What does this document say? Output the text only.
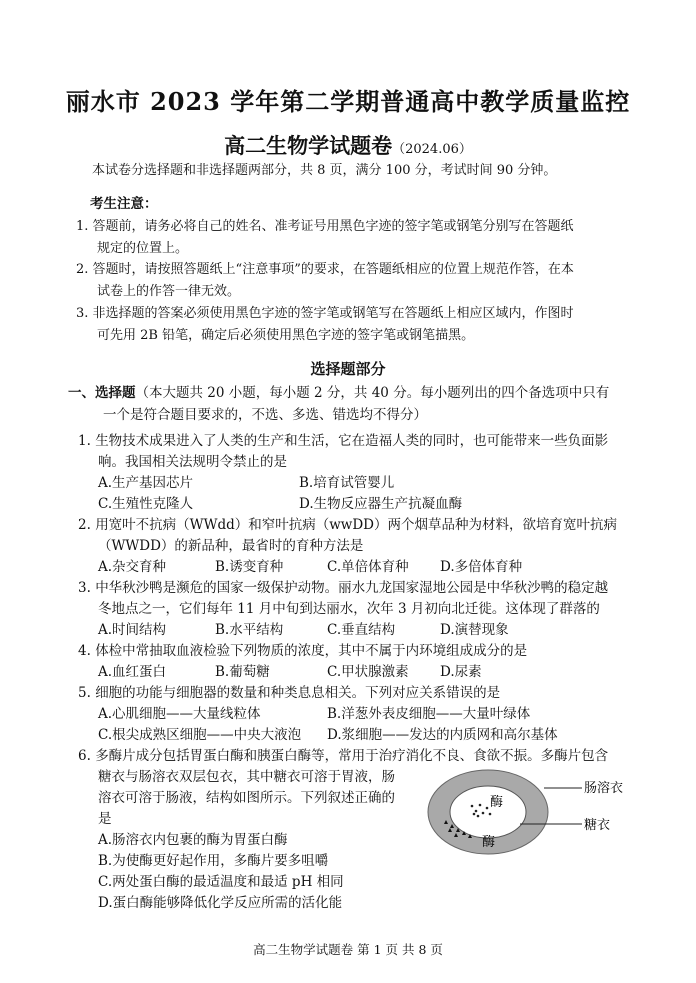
丽水市 2023 学年第二学期普通高中教学质量监控
高二生物学试题卷（2024.06）
本试卷分选择题和非选择题两部分，共 8 页，满分 100 分，考试时间 90 分钟。
考生注意：
1. 答题前，请务必将自己的姓名、准考证号用黑色字迹的签字笔或钢笔分别写在答题纸
规定的位置上。
2. 答题时，请按照答题纸上“注意事项”的要求，在答题纸相应的位置上规范作答，在本
试卷上的作答一律无效。
3. 非选择题的答案必须使用黑色字迹的签字笔或钢笔写在答题纸上相应区域内，作图时
可先用 2B 铅笔，确定后必须使用黑色字迹的签字笔或钢笔描黑。
选择题部分
一、选择题（本大题共 20 小题，每小题 2 分，共 40 分。每小题列出的四个备选项中只有
一个是符合题目要求的，不选、多选、错选均不得分）
1. 生物技术成果进入了人类的生产和生活，它在造福人类的同时，也可能带来一些负面影
响。我国相关法规明令禁止的是
A.生产基因芯片	B.培育试管婴儿
C.生殖性克隆人	D.生物反应器生产抗凝血酶
2. 用宽叶不抗病（WWdd）和窄叶抗病（wwDD）两个烟草品种为材料，欲培育宽叶抗病
（WWDD）的新品种，最省时的育种方法是
A.杂交育种	B.诱变育种	C.单倍体育种 D.多倍体育种
3. 中华秋沙鸭是濒危的国家一级保护动物。丽水九龙国家湿地公园是中华秋沙鸭的稳定越
冬地点之一，它们每年 11 月中旬到达丽水，次年 3 月初向北迁徙。这体现了群落的
A.时间结构	B.水平结构	C.垂直结构	D.演替现象
4. 体检中常抽取血液检验下列物质的浓度，其中不属于内环境组成成分的是
A.血红蛋白	B.葡萄糖	C.甲状腺激素 D.尿素
5. 细胞的功能与细胞器的数量和种类息息相关。下列对应关系错误的是
A.心肌细胞——大量线粒体	B.洋葱外表皮细胞——大量叶绿体
C.根尖成熟区细胞——中央大液泡 D.浆细胞——发达的内质网和高尔基体
6. 多酶片成分包括胃蛋白酶和胰蛋白酶等，常用于治疗消化不良、食欲不振。多酶片包含
糖衣与肠溶衣双层包衣，其中糖衣可溶于胃液，肠
溶衣可溶于肠液，结构如图所示。下列叙述正确的
是
A.肠溶衣内包裹的酶为胃蛋白酶
B.为使酶更好起作用，多酶片要多咀嚼
C.两处蛋白酶的最适温度和最适 pH 相同
D.蛋白酶能够降低化学反应所需的活化能
酶
酶
肠溶衣
糖衣
高二生物学试题卷 第 1 页 共 8 页
